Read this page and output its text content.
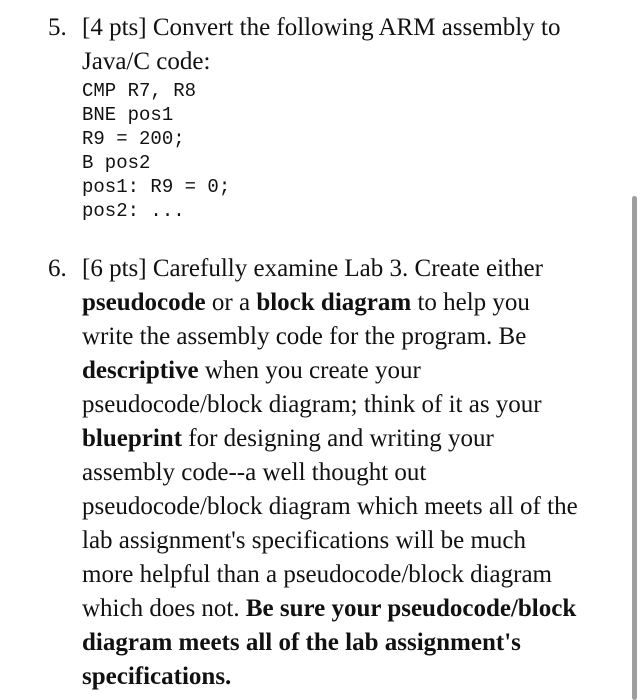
5. [4 pts] Convert the following ARM assembly to
Java/C code:
CMP R7, R8
BNE pos1
R9 = 200;
B pos2
pos1: R9 = 0;
pos2: ...
6. [6 pts] Carefully examine Lab 3. Create either
pseudocode or a block diagram to help you
write the assembly code for the program. Be
descriptive when you create your
pseudocode/block diagram; think of it as your
blueprint for designing and writing your
assembly code--a well thought out
pseudocode/block diagram which meets all of the
lab assignment's specifications will be much
more helpful than a pseudocode/block diagram
which does not. Be sure your pseudocode/block
diagram meets all of the lab assignment's
specifications.
